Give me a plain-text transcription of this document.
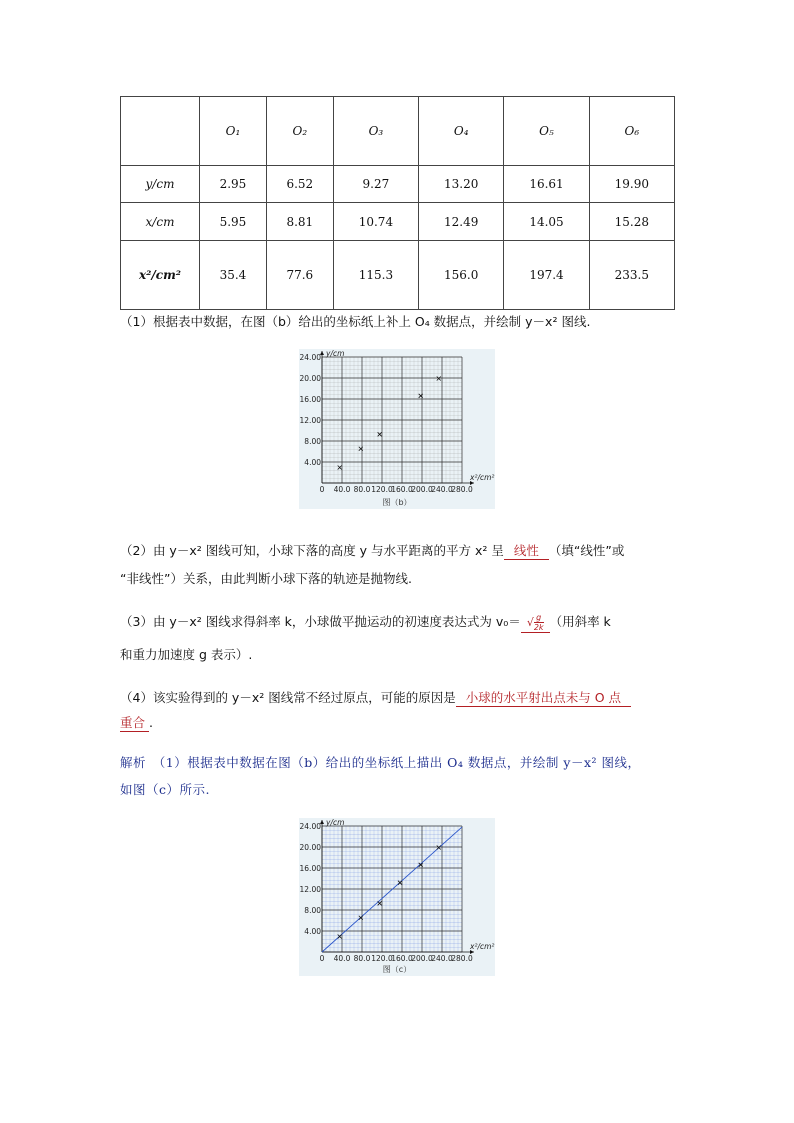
	O₁	O₂	O₃	O₄	O₅	O₆
y/cm	2.95	6.52	9.27	13.20	16.61	19.90
x/cm	5.95	8.81	10.74	12.49	14.05	15.28
x²/cm²	35.4	77.6	115.3	156.0	197.4	233.5
（1）根据表中数据，在图（b）给出的坐标纸上补上 O₄ 数据点，并绘制 y－x² 图线.
0 40.0 80.0 120.0
160.0
200.0
240.0
280.0
4.00
8.00
12.00
16.00
20.00
24.00 y/cm
x²/cm²
图（b）
（2）由 y－x² 图线可知，小球下落的高度 y 与水平距离的平方 x² 呈 线性 （填“线性”或
“非线性”）关系，由此判断小球下落的轨迹是抛物线.
（3）由 y－x² 图线求得斜率 k，小球做平抛运动的初速度表达式为 v₀＝ √ $\frac{g}{2k}$ （用斜率 k
和重力加速度 g 表示）.
（4）该实验得到的 y－x² 图线常不经过原点，可能的原因是 小球的水平射出点未与 O 点
重合 .
解析　（1）根据表中数据在图（b）给出的坐标纸上描出 O₄ 数据点，并绘制 y－x² 图线，
如图（c）所示.
0 40.0 80.0 120.0
160.0
200.0
240.0
280.0
4.00
8.00
12.00
16.00
20.00
24.00 y/cm
x²/cm²
图（c）
